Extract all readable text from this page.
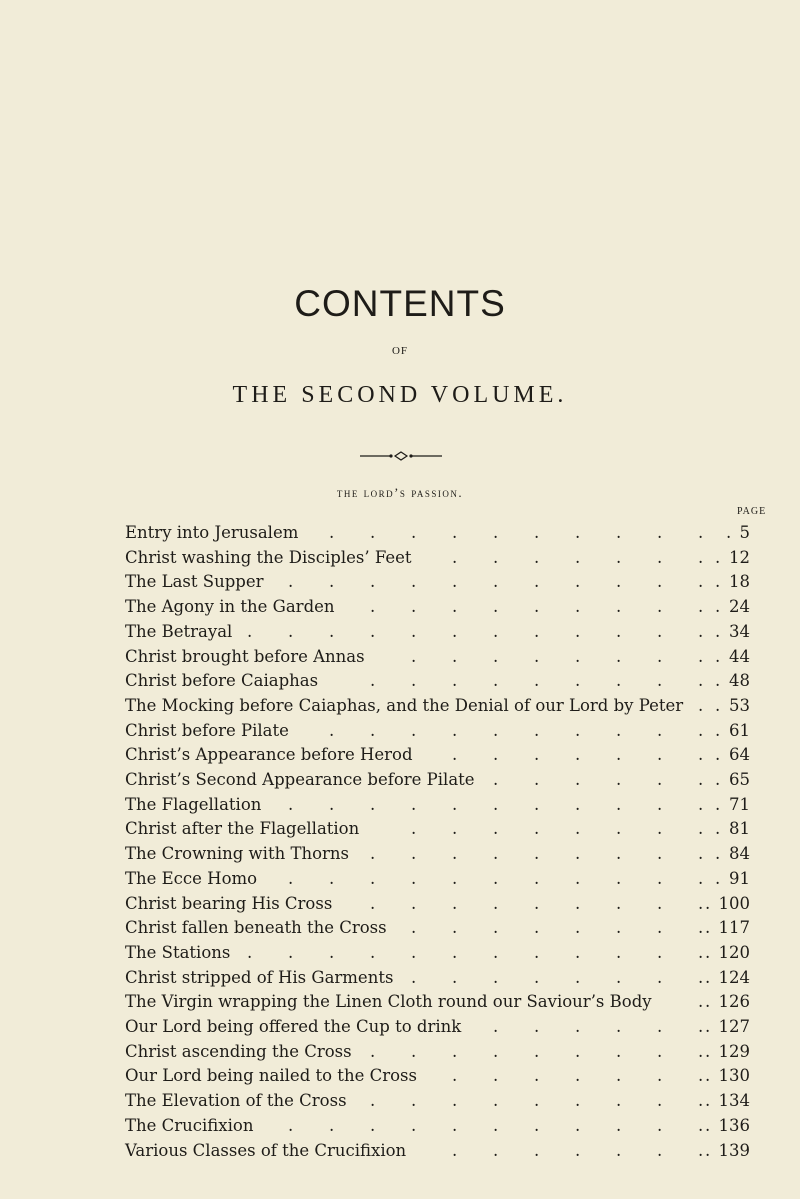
CONTENTS
OF
THE SECOND VOLUME.
the lord’s passion.
PAGE
Entry into Jerusalem . . . . . . . . . . . 5
Christ washing the Disciples’ Feet . . . . . . . . 12
The Last Supper . . . . . . . . . . . . 18
The Agony in the Garden . . . . . . . . . . 24
The Betrayal . . . . . . . . . . . . . 34
Christ brought before Annas	. . . . . . . . . 44
Christ before Caiaphas	. . . . . . . . . . 48
The Mocking before Caiaphas, and the Denial of our Lord by Peter . . 53
Christ before Pilate . . . . . . . . . . . 61
Christ’s Appearance before Herod . . . . . . . . 64
Christ’s Second Appearance before Pilate . . . . . . . 65
The Flagellation . . . . . . . . . . . . 71
Christ after the Flagellation	. . . . . . . . . 81
The Crowning with Thorns . . . . . . . . . . 84
The Ecce Homo . . . . . . . . . . . . 91
Christ bearing His Cross . . . . . . . . . . 100
Christ fallen beneath the Cross . . . . . . . . . 117
The Stations . . . . . . . . . . . . . 120
Christ stripped of His Garments . . . . . . . . . 124
The Virgin wrapping the Linen Cloth round our Saviour’s Body	. . 126
Our Lord being offered the Cup to drink . . . . . . . 127
Christ ascending the Cross . . . . . . . . . . 129
Our Lord being nailed to the Cross . . . . . . . . 130
The Elevation of the Cross . . . . . . . . . . 134
The Crucifixion . . . . . . . . . . . . 136
Various Classes of the Crucifixion	. . . . . . . . 139
